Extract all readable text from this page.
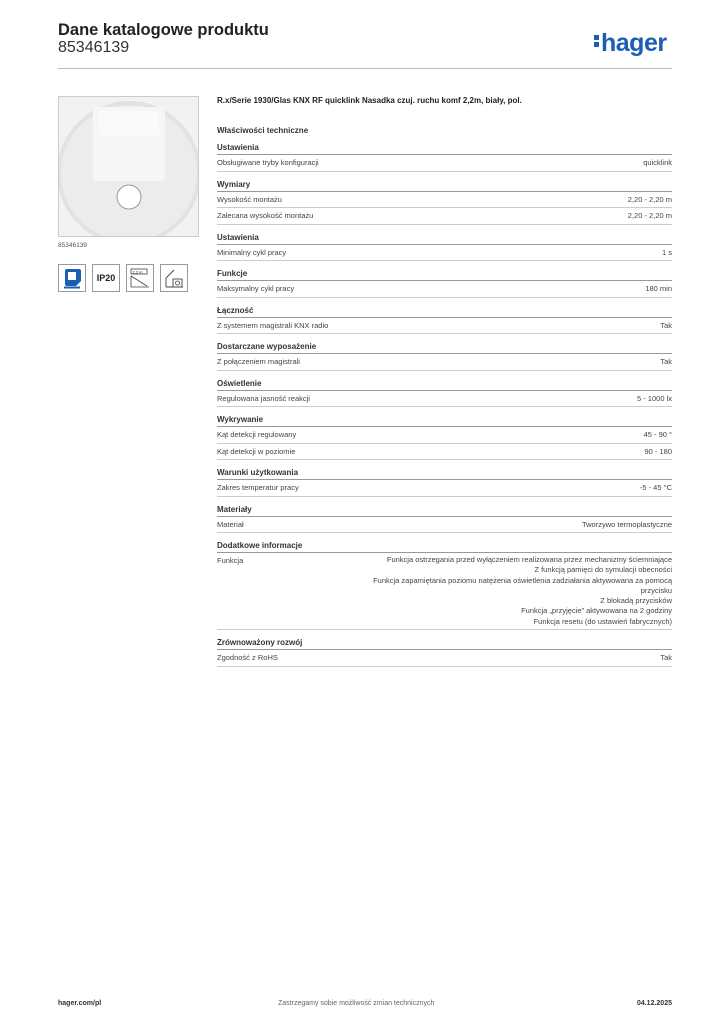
Dane katalogowe produktu
85346139	hager
85346139
IP20
2,2 m
R.x/Serie 1930/Glas KNX RF quicklink Nasadka czuj. ruchu komf 2,2m, biały, pol.
Właściwości techniczne
Ustawienia
Obsługiwane tryby konfiguracji	quicklink
Wymiary
Wysokość montażu	2,20 - 2,20 m
Zalecana wysokość montażu	2,20 - 2,20 m
Ustawienia
Minimalny cykl pracy	1 s
Funkcje
Maksymalny cykl pracy	180 min
Łączność
Z systemem magistrali KNX radio	Tak
Dostarczane wyposażenie
Z połączeniem magistrali	Tak
Oświetlenie
Regulowana jasność reakcji	5 - 1000 lx
Wykrywanie
Kąt detekcji regulowany	45 - 90 °
Kąt detekcji w poziomie	90 - 180
Warunki użytkowania
Zakres temperatur pracy	-5 - 45 °C
Materiały
Materiał	Tworzywo termoplastyczne
Dodatkowe informacje
Funkcja	Funkcja ostrzegania przed wyłączeniem realizowana przez mechanizmy ściemniające
Z funkcją pamięci do symulacji obecności
Funkcja zapamiętania poziomu natężenia oświetlenia zadziałania aktywowana za pomocą przycisku
Z blokadą przycisków
Funkcja „przyjęcie” aktywowana na 2 godziny
Funkcja resetu (do ustawień fabrycznych)
Zrównoważony rozwój
Zgodność z RoHS	Tak
hager.com/pl	Zastrzegamy sobie możliwość zmian technicznych	04.12.2025
